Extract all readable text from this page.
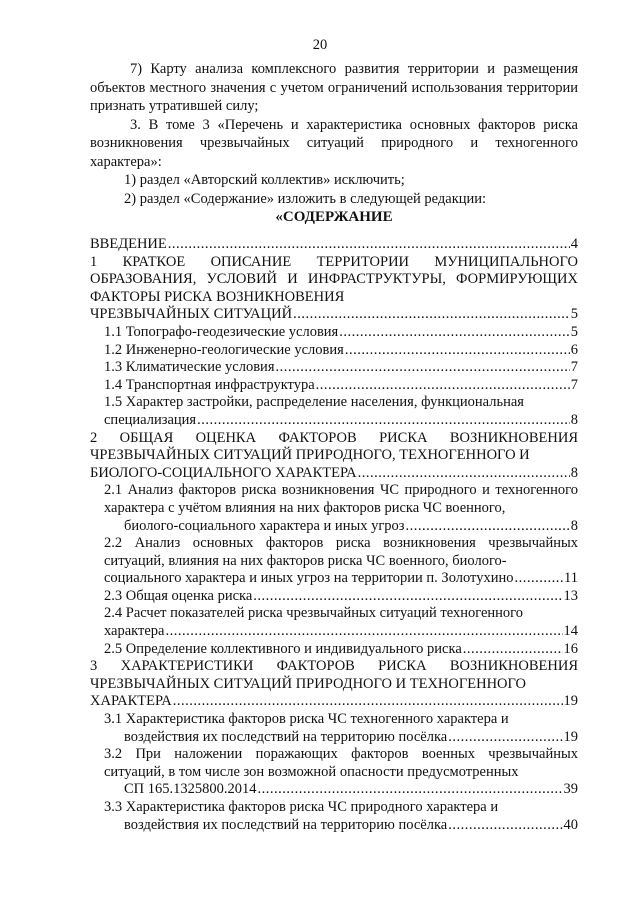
20

7) Карту анализа комплексного развития территории и размещения объектов местного значения с учетом ограничений использования территории признать утратившей силу;

3. В томе 3 «Перечень и характеристика основных факторов риска возникновения чрезвычайных ситуаций природного и техногенного характера»:

1) раздел «Авторский коллектив» исключить;

2) раздел «Содержание» изложить в следующей редакции:

«СОДЕРЖАНИЕ

ВВЕДЕНИЕ .....	4
1 КРАТКОЕ ОПИСАНИЕ ТЕРРИТОРИИ МУНИЦИПАЛЬНОГО ОБРАЗОВАНИЯ, УСЛОВИЙ И ИНФРАСТРУКТУРЫ, ФОРМИРУЮЩИХ ФАКТОРЫ РИСКА ВОЗНИКНОВЕНИЯ
ЧРЕЗВЫЧАЙНЫХ СИТУАЦИЙ .....	5
1.1 Топографо-геодезические условия .....	5
1.2 Инженерно-геологические условия .....	6
1.3 Климатические условия .....	7
1.4 Транспортная инфраструктура .....	7
1.5 Характер застройки, распределение населения, функциональная
специализация .....	8
2 ОБЩАЯ ОЦЕНКА ФАКТОРОВ РИСКА ВОЗНИКНОВЕНИЯ ЧРЕЗВЫЧАЙНЫХ СИТУАЦИЙ ПРИРОДНОГО, ТЕХНОГЕННОГО И
БИОЛОГО-СОЦИАЛЬНОГО ХАРАКТЕРА .....	8
2.1 Анализ факторов риска возникновения ЧС природного и техногенного характера с учётом влияния на них факторов риска ЧС военного,
биолого-социального характера и иных угроз .....	8
2.2 Анализ основных факторов риска возникновения чрезвычайных ситуаций, влияния на них факторов риска ЧС военного, биолого-
социального характера и иных угроз на территории п. Золотухино .....	11
2.3 Общая оценка риска .....	13
2.4 Расчет показателей риска чрезвычайных ситуаций техногенного
характера .....	14
2.5 Определение коллективного и индивидуального риска .....	16
3 ХАРАКТЕРИСТИКИ ФАКТОРОВ РИСКА ВОЗНИКНОВЕНИЯ ЧРЕЗВЫЧАЙНЫХ СИТУАЦИЙ ПРИРОДНОГО И ТЕХНОГЕННОГО
ХАРАКТЕРА .....	19
3.1 Характеристика факторов риска ЧС техногенного характера и
воздействия их последствий на территорию посёлка .....	19
3.2 При наложении поражающих факторов военных чрезвычайных ситуаций, в том числе зон возможной опасности предусмотренных
СП 165.1325800.2014 .....	39
3.3 Характеристика факторов риска ЧС природного характера и
воздействия их последствий на территорию посёлка .....	40
